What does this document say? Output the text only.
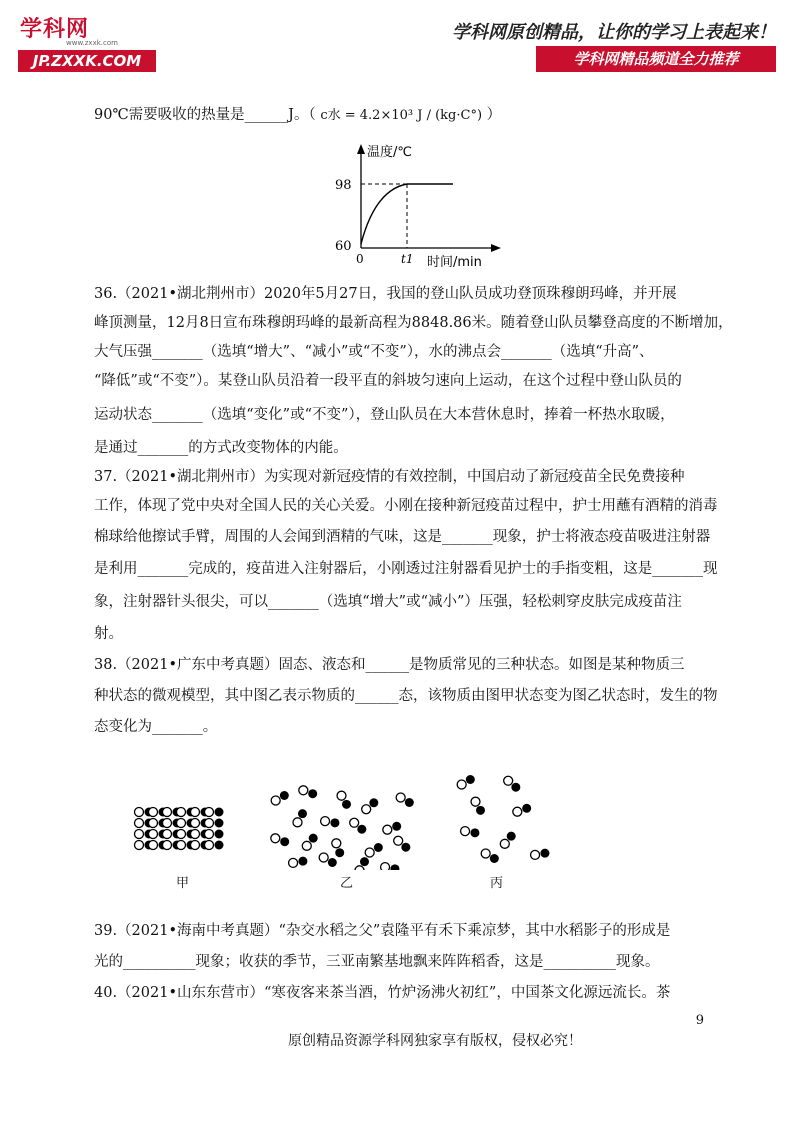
学科网
www.zxxk.com
JP.ZXXK.COM
学科网原创精品，让你的学习上表起来！
学科网精品频道全力推荐
90℃需要吸收的热量是______J。（ c水 = 4.2×10³ J / (kg·C°) ）
温度/℃
98
60
0	t1 时间/min
36.（2021•湖北荆州市）2020年5月27日，我国的登山队员成功登顶珠穆朗玛峰，并开展
峰顶测量，12月8日宣布珠穆朗玛峰的最新高程为8848.86米。随着登山队员攀登高度的不断增加，
大气压强_______（选填“增大”、“减小”或“不变”），水的沸点会_______（选填“升高”、
“降低”或“不变”）。某登山队员沿着一段平直的斜坡匀速向上运动，在这个过程中登山队员的
运动状态_______（选填“变化”或“不变”），登山队员在大本营休息时，捧着一杯热水取暖，
是通过_______的方式改变物体的内能。
37.（2021•湖北荆州市）为实现对新冠疫情的有效控制，中国启动了新冠疫苗全民免费接种
工作，体现了党中央对全国人民的关心关爱。小刚在接种新冠疫苗过程中，护士用蘸有酒精的消毒
棉球给他擦试手臂，周围的人会闻到酒精的气味，这是_______现象，护士将液态疫苗吸进注射器
是利用_______完成的，疫苗进入注射器后，小刚透过注射器看见护士的手指变粗，这是_______现
象，注射器针头很尖，可以_______（选填“增大”或“减小”）压强，轻松刺穿皮肤完成疫苗注
射。
38.（2021•广东中考真题）固态、液态和______是物质常见的三种状态。如图是某种物质三
种状态的微观模型，其中图乙表示物质的______态，该物质由图甲状态变为图乙状态时，发生的物
态变化为_______。
甲	乙	丙
39.（2021•海南中考真题）“杂交水稻之父”袁隆平有禾下乘凉梦，其中水稻影子的形成是
光的__________现象；收获的季节，三亚南繁基地飘来阵阵稻香，这是__________现象。
40.（2021•山东东营市）“寒夜客来茶当酒，竹炉汤沸火初红”，中国茶文化源远流长。茶
9
原创精品资源学科网独家享有版权，侵权必究！
